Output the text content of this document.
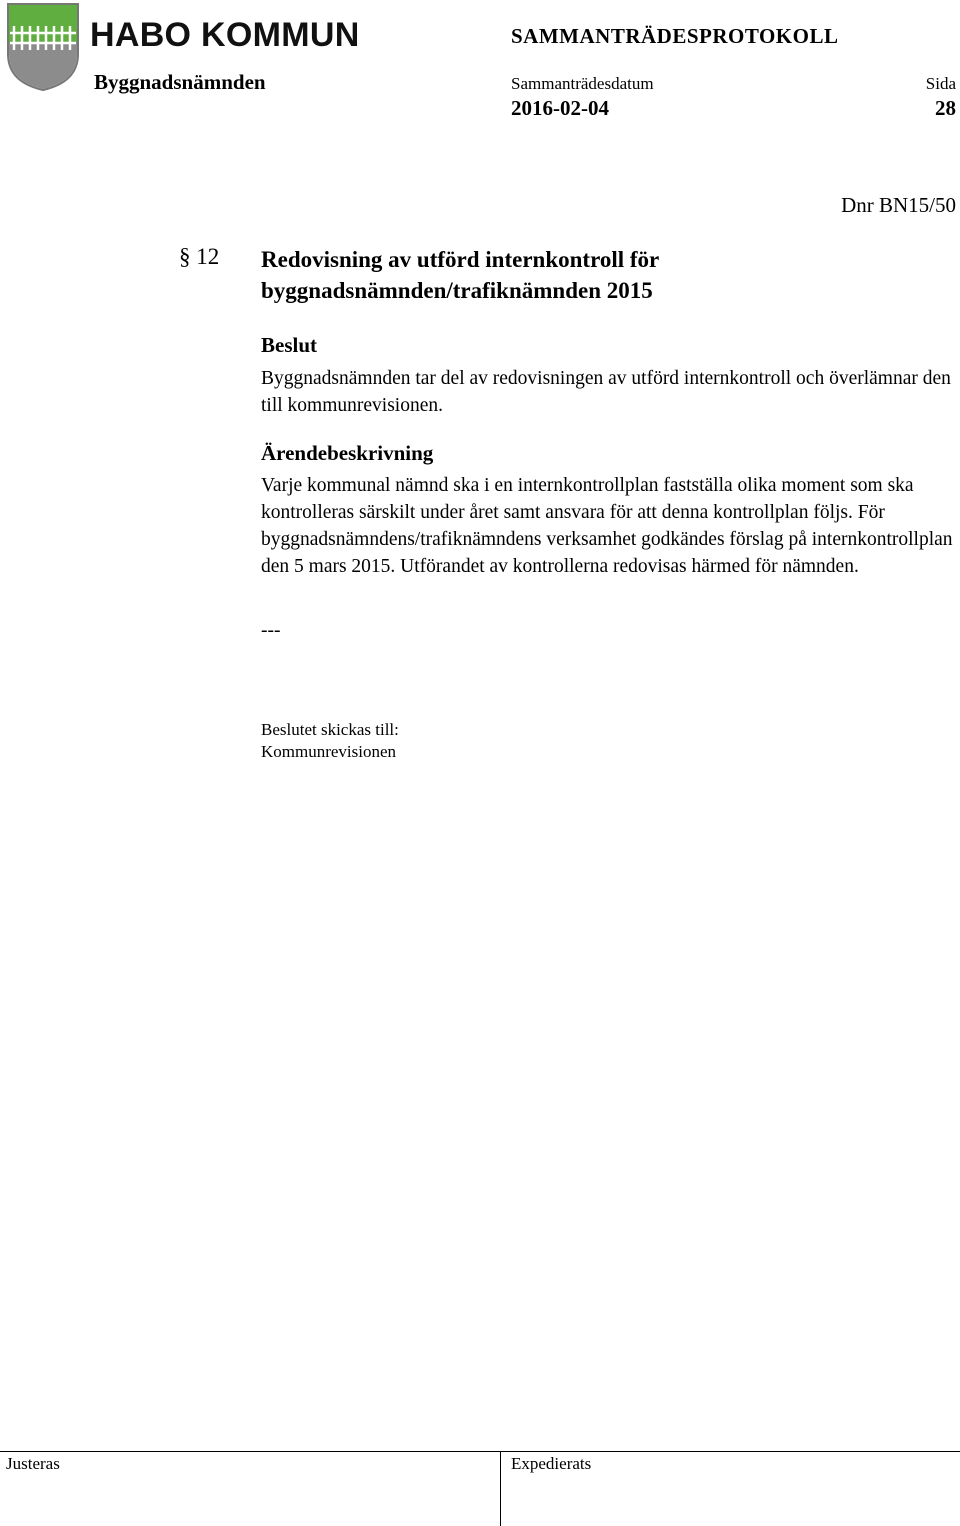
HABO KOMMUN
Byggnadsnämnden
SAMMANTRÄDESPROTOKOLL
Sammanträdesdatum	Sida
2016-02-04	28
Dnr BN15/50
§ 12 Redovisning av utförd internkontroll för byggnadsnämnden/trafiknämnden 2015
Beslut
Byggnadsnämnden tar del av redovisningen av utförd internkontroll och överlämnar den till kommunrevisionen.
Ärendebeskrivning
Varje kommunal nämnd ska i en internkontrollplan fastställa olika moment som ska kontrolleras särskilt under året samt ansvara för att denna kontrollplan följs. För byggnadsnämndens/trafiknämndens verksamhet godkändes förslag på internkontrollplan den 5 mars 2015. Utförandet av kontrollerna redovisas härmed för nämnden.
---
Beslutet skickas till:
Kommunrevisionen
Justeras	Expedierats
